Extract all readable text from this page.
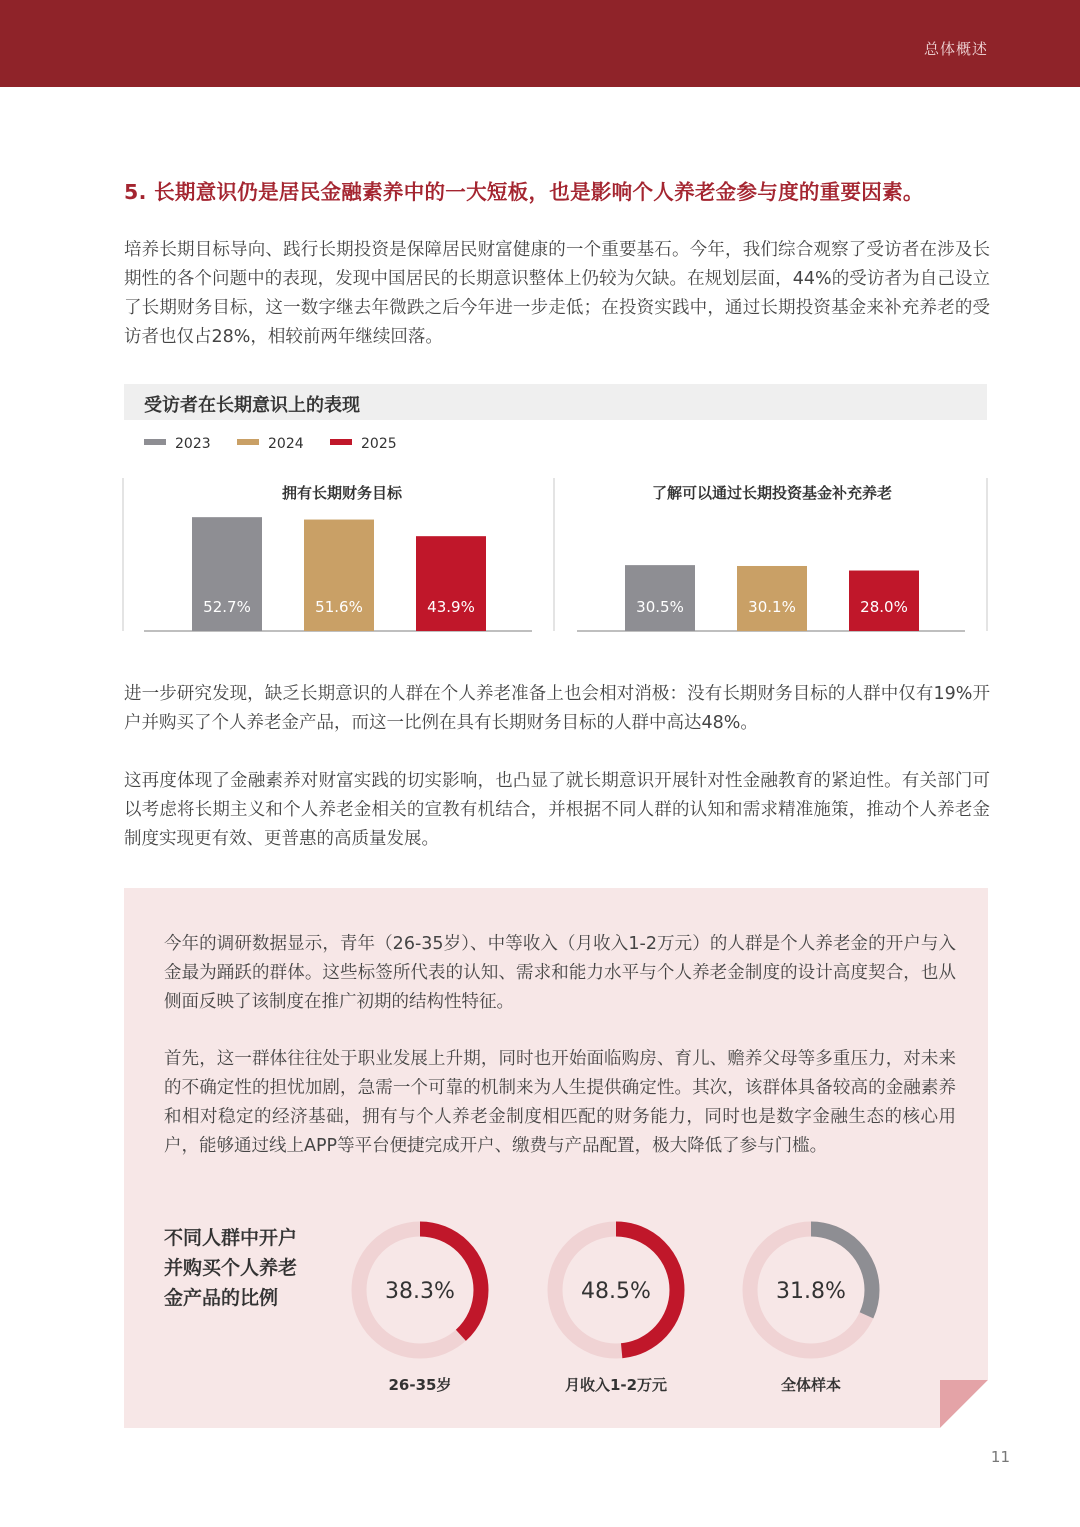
总体概述
5. 长期意识仍是居民金融素养中的一大短板，也是影响个人养老金参与度的重要因素。
培养长期目标导向、践行长期投资是保障居民财富健康的一个重要基石。今年，我们综合观察了受访者在涉及长期性的各个问题中的表现，发现中国居民的长期意识整体上仍较为欠缺。在规划层面，44%的受访者为自己设立了长期财务目标，这一数字继去年微跌之后今年进一步走低；在投资实践中，通过长期投资基金来补充养老的受访者也仅占28%，相较前两年继续回落。
受访者在长期意识上的表现
2023	2024	2025
拥有长期财务目标
52.7%	51.6%	43.9%
了解可以通过长期投资基金补充养老
30.5%	30.1%	28.0%
进一步研究发现，缺乏长期意识的人群在个人养老准备上也会相对消极：没有长期财务目标的人群中仅有19%开户并购买了个人养老金产品，而这一比例在具有长期财务目标的人群中高达48%。
这再度体现了金融素养对财富实践的切实影响，也凸显了就长期意识开展针对性金融教育的紧迫性。有关部门可以考虑将长期主义和个人养老金相关的宣教有机结合，并根据不同人群的认知和需求精准施策，推动个人养老金制度实现更有效、更普惠的高质量发展。
今年的调研数据显示，青年（26-35岁）、中等收入（月收入1-2万元）的人群是个人养老金的开户与入金最为踊跃的群体。这些标签所代表的认知、需求和能力水平与个人养老金制度的设计高度契合，也从侧面反映了该制度在推广初期的结构性特征。
首先，这一群体往往处于职业发展上升期，同时也开始面临购房、育儿、赡养父母等多重压力，对未来的不确定性的担忧加剧，急需一个可靠的机制来为人生提供确定性。其次，该群体具备较高的金融素养和相对稳定的经济基础，拥有与个人养老金制度相匹配的财务能力，同时也是数字金融生态的核心用户，能够通过线上APP等平台便捷完成开户、缴费与产品配置，极大降低了参与门槛。
不同人群中开户并购买个人养老金产品的比例	38.3%
26-35岁
48.5%
月收入1-2万元
31.8%
全体样本
11
